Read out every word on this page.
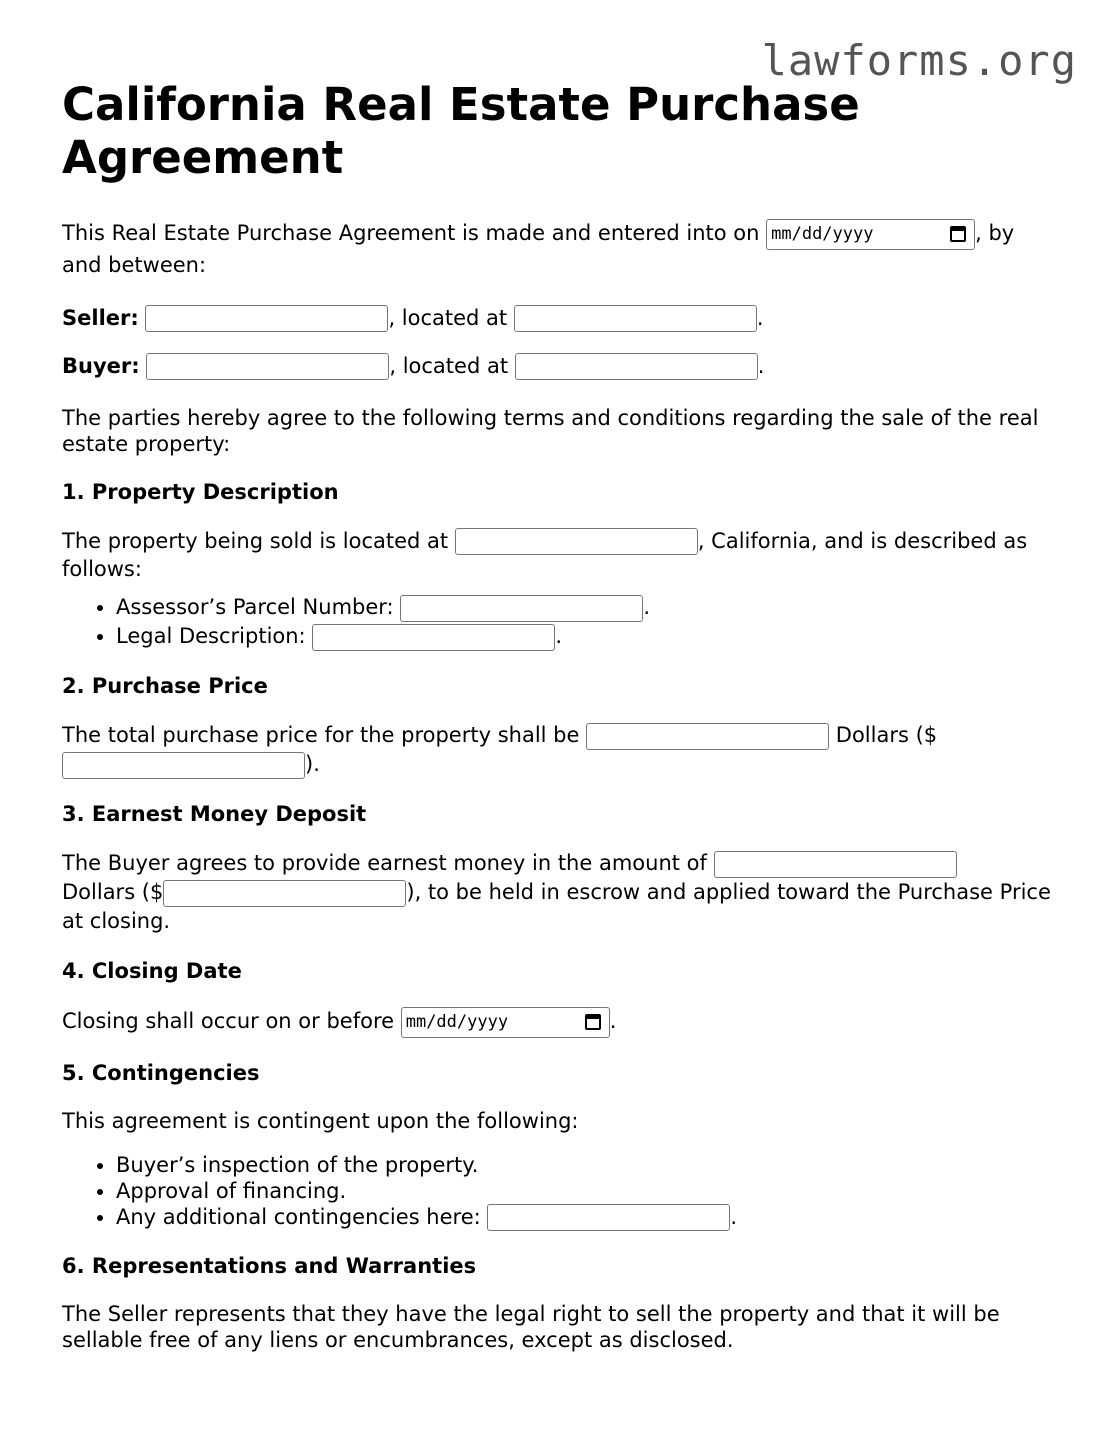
lawforms.org
California Real Estate Purchase Agreement

This Real Estate Purchase Agreement is made and entered into on mm/dd/yyyy	, by and between:

Seller:	, located at	.

Buyer:	, located at	.

The parties hereby agree to the following terms and conditions regarding the sale of the real estate property:

1. Property Description

The property being sold is located at	, California, and is described as follows:

• Assessor’s Parcel Number:	.
• Legal Description:	.
2. Purchase Price

The total purchase price for the property shall be	Dollars ($
).

3. Earnest Money Deposit

The Buyer agrees to provide earnest money in the amount of
Dollars ($	), to be held in escrow and applied toward the Purchase Price at closing.

4. Closing Date

Closing shall occur on or before mm/dd/yyyy	.

5. Contingencies

This agreement is contingent upon the following:

• Buyer’s inspection of the property.
• Approval of financing.
• Any additional contingencies here:	.
6. Representations and Warranties

The Seller represents that they have the legal right to sell the property and that it will be sellable free of any liens or encumbrances, except as disclosed.
